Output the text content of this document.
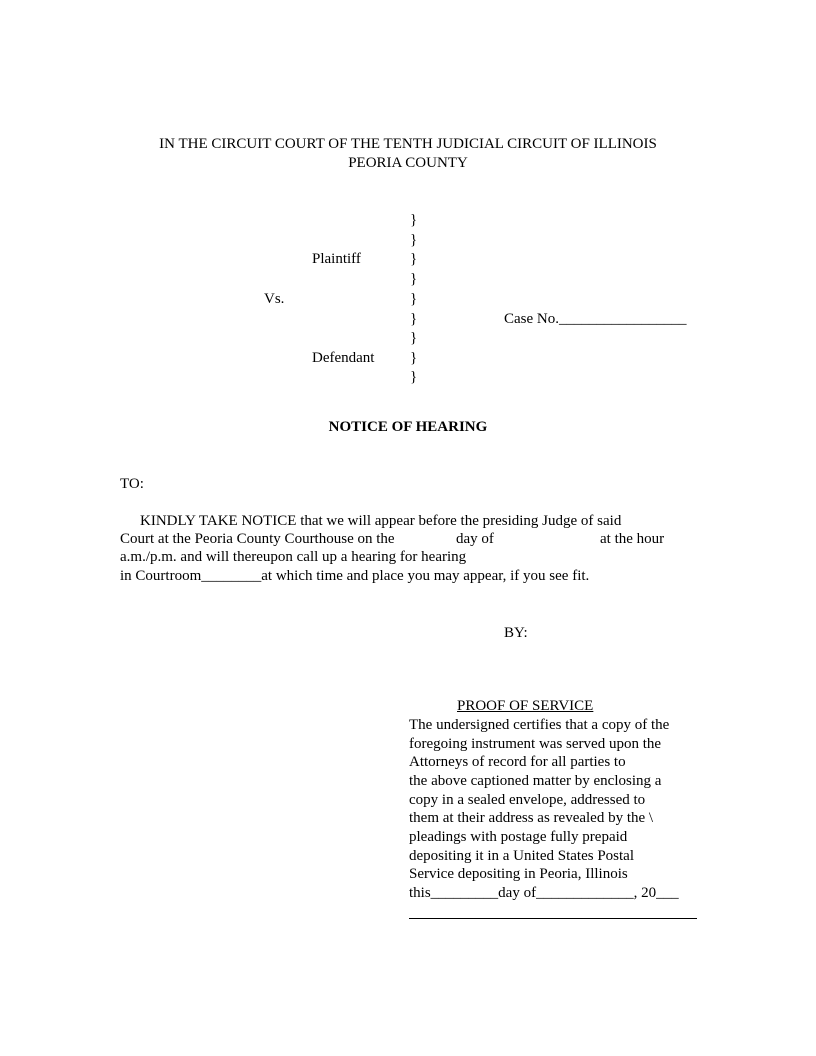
IN THE CIRCUIT COURT OF THE TENTH JUDICIAL CIRCUIT OF ILLINOIS
PEORIA COUNTY
}
}
}
}
}
}
}
}
}
Plaintiff
Vs.
Case No._________________
Defendant
NOTICE OF HEARING
TO:
KINDLY TAKE NOTICE that we will appear before the presiding Judge of said
Court at the Peoria County Courthouse on the	day of	at the hour
a.m./p.m. and will thereupon call up a hearing for hearing
in Courtroom________at which time and place you may appear, if you see fit.
BY:
PROOF OF SERVICE
The undersigned certifies that a copy of the
foregoing instrument was served upon the
Attorneys of record for all parties to
the above captioned matter by enclosing a
copy in a sealed envelope, addressed to
them at their address as revealed by the \
pleadings with postage fully prepaid
depositing it in a United States Postal
Service depositing in Peoria, Illinois
this_________day of_____________, 20___
